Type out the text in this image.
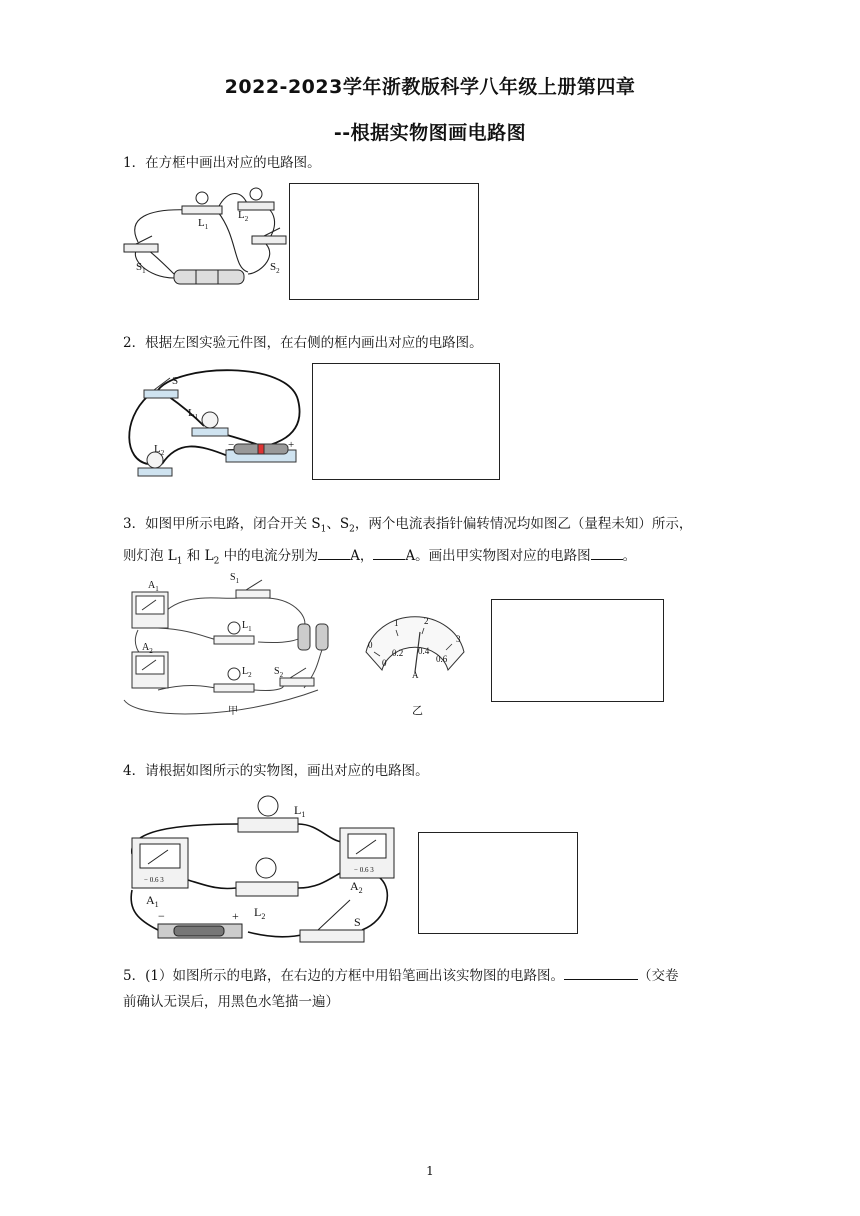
2022-2023学年浙教版科学八年级上册第四章
--根据实物图画电路图
1．在方框中画出对应的电路图。
$L_1$
$L_2$
$S_1$	$S_2$
2．根据左图实验元件图，在右侧的框内画出对应的电路图。
S
$L_1$
$L_2$
−	+
3．如图甲所示电路，闭合开关 $S_1$、$S_2$，两个电流表指针偏转情况均如图乙（量程未知）所示，
则灯泡 $L_1$ 和 $L_2$ 中的电流分别为 A， A。画出甲实物图对应的电路图 。
$A_1$
$A_2$
$S_1$
$L_1$
$L_2$ $S_2$
甲
0
1	2
3
0
0.2 0.4
0.6
A
乙
4．请根据如图所示的实物图，画出对应的电路图。
$L_1$
$L_2$
$A_1$
$A_2$
S
−	+
− 0.6 3
− 0.6 3
5．(1）如图所示的电路，在右边的方框中用铅笔画出该实物图的电路图。	（交卷
前确认无误后，用黑色水笔描一遍）
1
